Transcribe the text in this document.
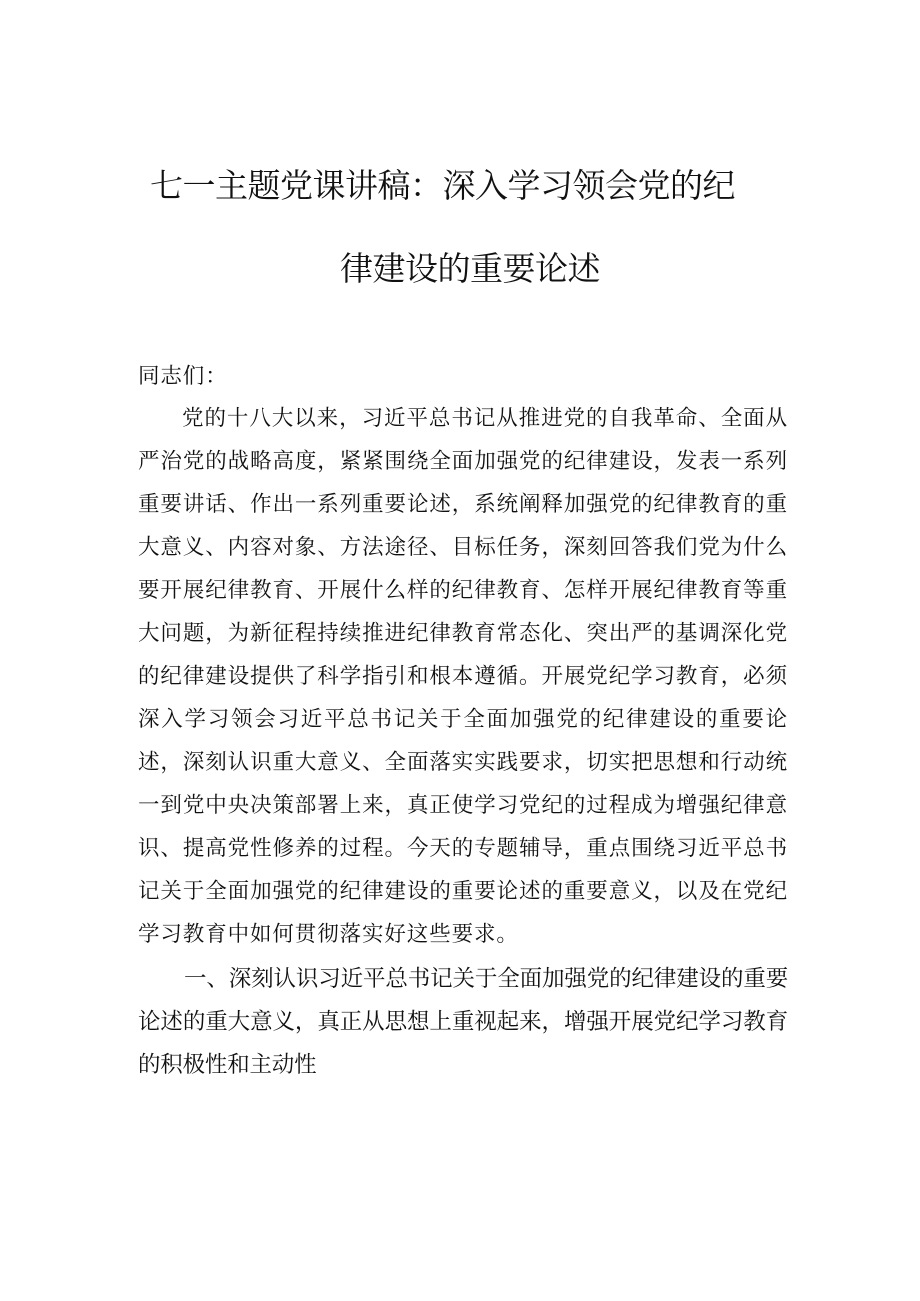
七一主题党课讲稿：深入学习领会党的纪
律建设的重要论述
同志们：
党的十八大以来，习近平总书记从推进党的自我革命、全面从严治党的战略高度，紧紧围绕全面加强党的纪律建设，发表一系列重要讲话、作出一系列重要论述，系统阐释加强党的纪律教育的重大意义、内容对象、方法途径、目标任务，深刻回答我们党为什么要开展纪律教育、开展什么样的纪律教育、怎样开展纪律教育等重大问题，为新征程持续推进纪律教育常态化、突出严的基调深化党的纪律建设提供了科学指引和根本遵循。开展党纪学习教育，必须深入学习领会习近平总书记关于全面加强党的纪律建设的重要论述，深刻认识重大意义、全面落实实践要求，切实把思想和行动统一到党中央决策部署上来，真正使学习党纪的过程成为增强纪律意识、提高党性修养的过程。今天的专题辅导，重点围绕习近平总书记关于全面加强党的纪律建设的重要论述的重要意义，以及在党纪学习教育中如何贯彻落实好这些要求。
一、深刻认识习近平总书记关于全面加强党的纪律建设的重要论述的重大意义，真正从思想上重视起来，增强开展党纪学习教育的积极性和主动性
